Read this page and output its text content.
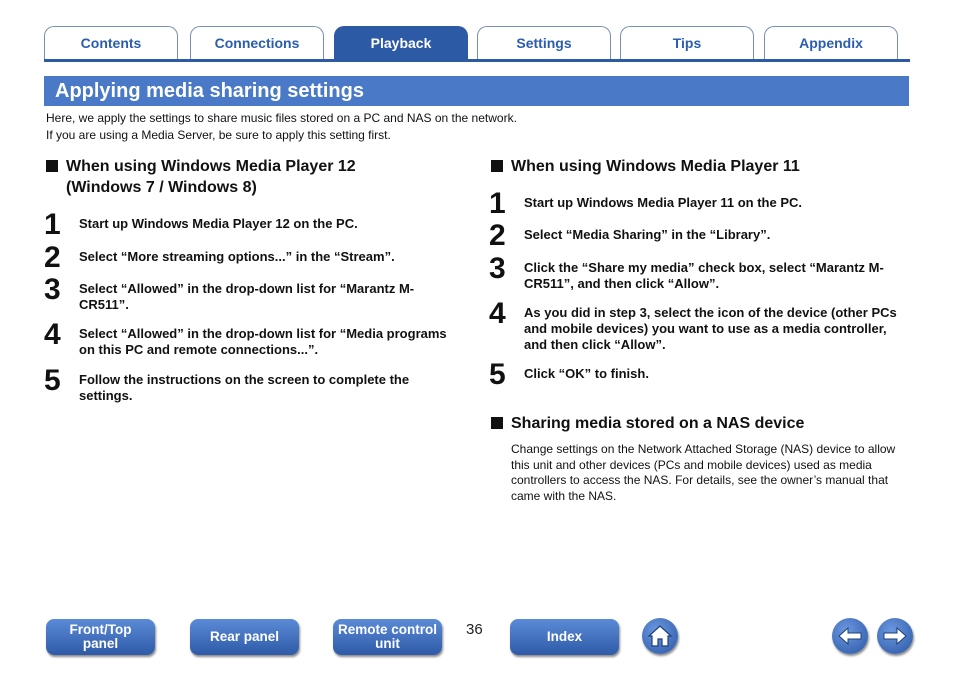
Contents	Connections	Playback	Settings	Tips	Appendix
Applying media sharing settings
Here, we apply the settings to share music files stored on a PC and NAS on the network.
If you are using a Media Server, be sure to apply this setting first.
When using Windows Media Player 12
(Windows 7 / Windows 8)
1	Start up Windows Media Player 12 on the PC.
2	Select “More streaming options...” in the “Stream”.
3	Select “Allowed” in the drop-down list for “Marantz M-CR511”.
4	Select “Allowed” in the drop-down list for “Media programs on this PC and remote connections...”.
5	Follow the instructions on the screen to complete the settings.
When using Windows Media Player 11
1	Start up Windows Media Player 11 on the PC.
2	Select “Media Sharing” in the “Library”.
3	Click the “Share my media” check box, select “Marantz M-CR511”, and then click “Allow”.
4	As you did in step 3, select the icon of the device (other PCs and mobile devices) you want to use as a media controller, and then click “Allow”.
5	Click “OK” to finish.
Sharing media stored on a NAS device
Change settings on the Network Attached Storage (NAS) device to allow this unit and other devices (PCs and mobile devices) used as media controllers to access the NAS. For details, see the owner’s manual that came with the NAS.
Front/Top
panel	Rear panel	Remote control
unit
36	Index
